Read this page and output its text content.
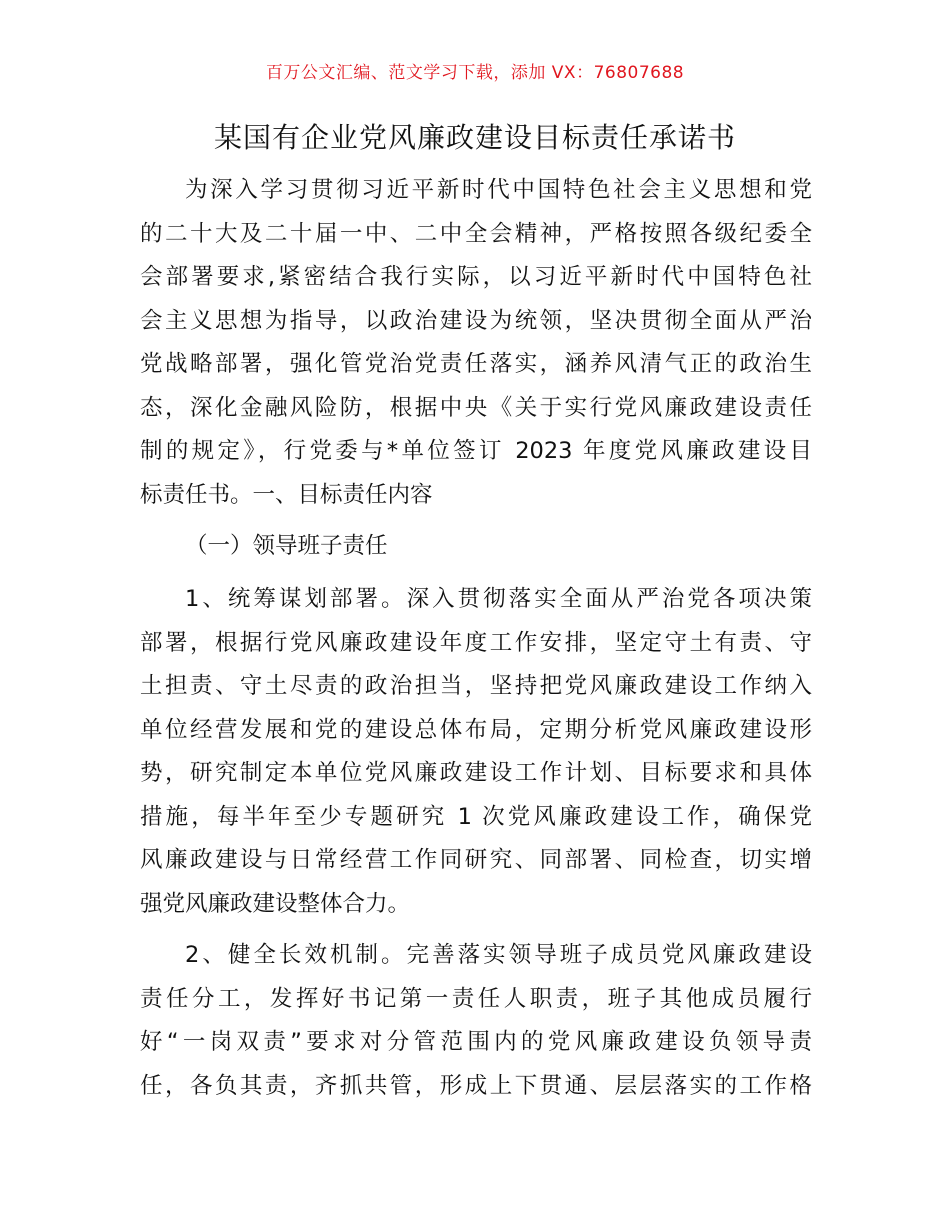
百万公文汇编、范文学习下载，添加 VX：76807688
某国有企业党风廉政建设目标责任承诺书
为深入学习贯彻习近平新时代中国特色社会主义思想和党
的二十大及二十届一中、二中全会精神，严格按照各级纪委全
会部署要求,紧密结合我行实际，以习近平新时代中国特色社
会主义思想为指导，以政治建设为统领，坚决贯彻全面从严治
党战略部署，强化管党治党责任落实，涵养风清气正的政治生
态，深化金融风险防，根据中央《关于实行党风廉政建设责任
制的规定》，行党委与*单位签订 2023 年度党风廉政建设目
标责任书。一、目标责任内容
（一）领导班子责任
1、统筹谋划部署。深入贯彻落实全面从严治党各项决策
部署，根据行党风廉政建设年度工作安排，坚定守土有责、守
土担责、守土尽责的政治担当，坚持把党风廉政建设工作纳入
单位经营发展和党的建设总体布局，定期分析党风廉政建设形
势，研究制定本单位党风廉政建设工作计划、目标要求和具体
措施，每半年至少专题研究 1 次党风廉政建设工作，确保党
风廉政建设与日常经营工作同研究、同部署、同检查，切实增
强党风廉政建设整体合力。
2、健全长效机制。完善落实领导班子成员党风廉政建设
责任分工，发挥好书记第一责任人职责，班子其他成员履行
好“一岗双责”要求对分管范围内的党风廉政建设负领导责
任，各负其责，齐抓共管，形成上下贯通、层层落实的工作格
